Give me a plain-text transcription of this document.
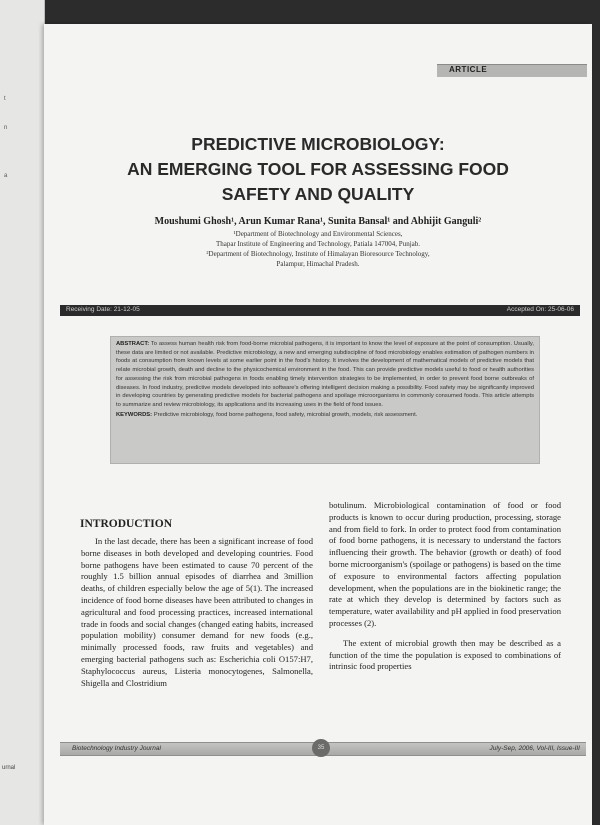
t
n
a
urnal
ARTICLE
PREDICTIVE MICROBIOLOGY:
AN EMERGING TOOL FOR ASSESSING FOOD
SAFETY AND QUALITY
Moushumi Ghosh¹, Arun Kumar Rana¹, Sunita Bansal¹ and Abhijit Ganguli²
¹Department of Biotechnology and Environmental Sciences,
Thapar Institute of Engineering and Technology, Patiala 147004, Punjab.
²Department of Biotechnology, Institute of Himalayan Bioresource Technology,
Palampur, Himachal Pradesh.
Receiving Date: 21-12-05	Accepted On: 25-06-06
ABSTRACT: To assess human health risk from food-borne microbial pathogens, it is important to know the level of exposure at the point of consumption. Usually, these data are limited or not available. Predictive microbiology, a new and emerging subdiscipline of food microbiology enables estimation of pathogen numbers in foods at consumption from known levels at some earlier point in the food's history. It involves the development of mathematical models of predictive models that relate microbial growth, death and decline to the physicochemical environment in the food. This can provide predictive models useful to food or health authorities for assessing the risk from microbial pathogens in foods enabling timely intervention strategies to be implemented, in order to prevent food borne outbreaks of diseases. In food industry, predictive models developed into software's offering intelligent decision making a possibility. Food safety may be significantly improved in developing countries by generating predictive models for bacterial pathogens and spoilage microorganisms in commonly consumed foods. This article attempts to summarize and review microbiology, its applications and its increasing uses in the field of food issues.
KEYWORDS: Predictive microbiology, food borne pathogens, food safety, microbial growth, models, risk assessment.
INTRODUCTION

In the last decade, there has been a significant increase of food borne diseases in both developed and developing countries. Food borne pathogens have been estimated to cause 70 percent of the roughly 1.5 billion annual episodes of diarrhea and 3million deaths, of children especially below the age of 5(1). The increased incidence of food borne diseases have been attributed to changes in agricultural and food processing practices, increased international trade in foods and social changes (changed eating habits, increased population mobility) consumer demand for new foods (e.g., minimally processed foods, raw fruits and vegetables) and emerging bacterial pathogens such as: Escherichia coli O157:H7, Staphylococcus aureus, Listeria monocytogenes, Salmonella, Shigella and Clostridium

botulinum. Microbiological contamination of food or food products is known to occur during production, processing, storage and from field to fork. In order to protect food from contamination of food borne pathogens, it is necessary to understand the factors influencing their growth. The behavior (growth or death) of food borne microorganism's (spoilage or pathogens) is based on the time of exposure to environmental factors affecting population development, when the populations are in the biokinetic range; the rate at which they develop is determined by factors such as temperature, water availability and pH applied in food preservation processes (2).

The extent of microbial growth then may be described as a function of the time the population is exposed to combinations of intrinsic food properties

Biotechnology Industry Journal	35	July-Sep, 2006, Vol-III, Issue-III
